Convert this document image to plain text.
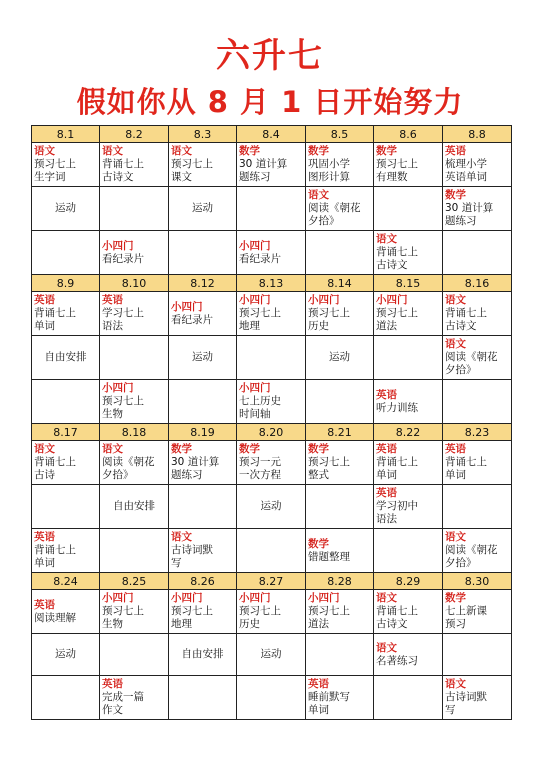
六升七
假如你从 8 月 1 日开始努力
8.1	8.2	8.3	8.4	8.5	8.6	8.8

语文
预习七上
生字词	语文
背诵七上
古诗文	语文
预习七上
课文	数学
30 道计算
题练习	数学
巩固小学
图形计算	数学
预习七上
有理数	英语
梳理小学
英语单词

运动		运动		语文
阅读《朝花
夕拾》		数学
30 道计算
题练习

	小四门
看纪录片		小四门
看纪录片		语文
背诵七上
古诗文	

8.9	8.10	8.12	8.13	8.14	8.15	8.16

英语
背诵七上
单词	英语
学习七上
语法	小四门
看纪录片	小四门
预习七上
地理	小四门
预习七上
历史	小四门
预习七上
道法	语文
背诵七上
古诗文

自由安排		运动		运动		语文
阅读《朝花
夕拾》

	小四门
预习七上
生物		小四门
七上历史
时间轴		英语
听力训练	

8.17	8.18	8.19	8.20	8.21	8.22	8.23

语文
背诵七上
古诗	语文
阅读《朝花
夕拾》	数学
30 道计算
题练习	数学
预习一元
一次方程	数学
预习七上
整式	英语
背诵七上
单词	英语
背诵七上
单词

	自由安排		运动		英语
学习初中
语法	

英语
背诵七上
单词		语文
古诗词默
写		数学
错题整理		语文
阅读《朝花
夕拾》

8.24	8.25	8.26	8.27	8.28	8.29	8.30

英语
阅读理解	小四门
预习七上
生物	小四门
预习七上
地理	小四门
预习七上
历史	小四门
预习七上
道法	语文
背诵七上
古诗文	数学
七上新课
预习

运动		自由安排	运动		语文
名著练习	

	英语
完成一篇
作文			英语
睡前默写
单词		语文
古诗词默
写
